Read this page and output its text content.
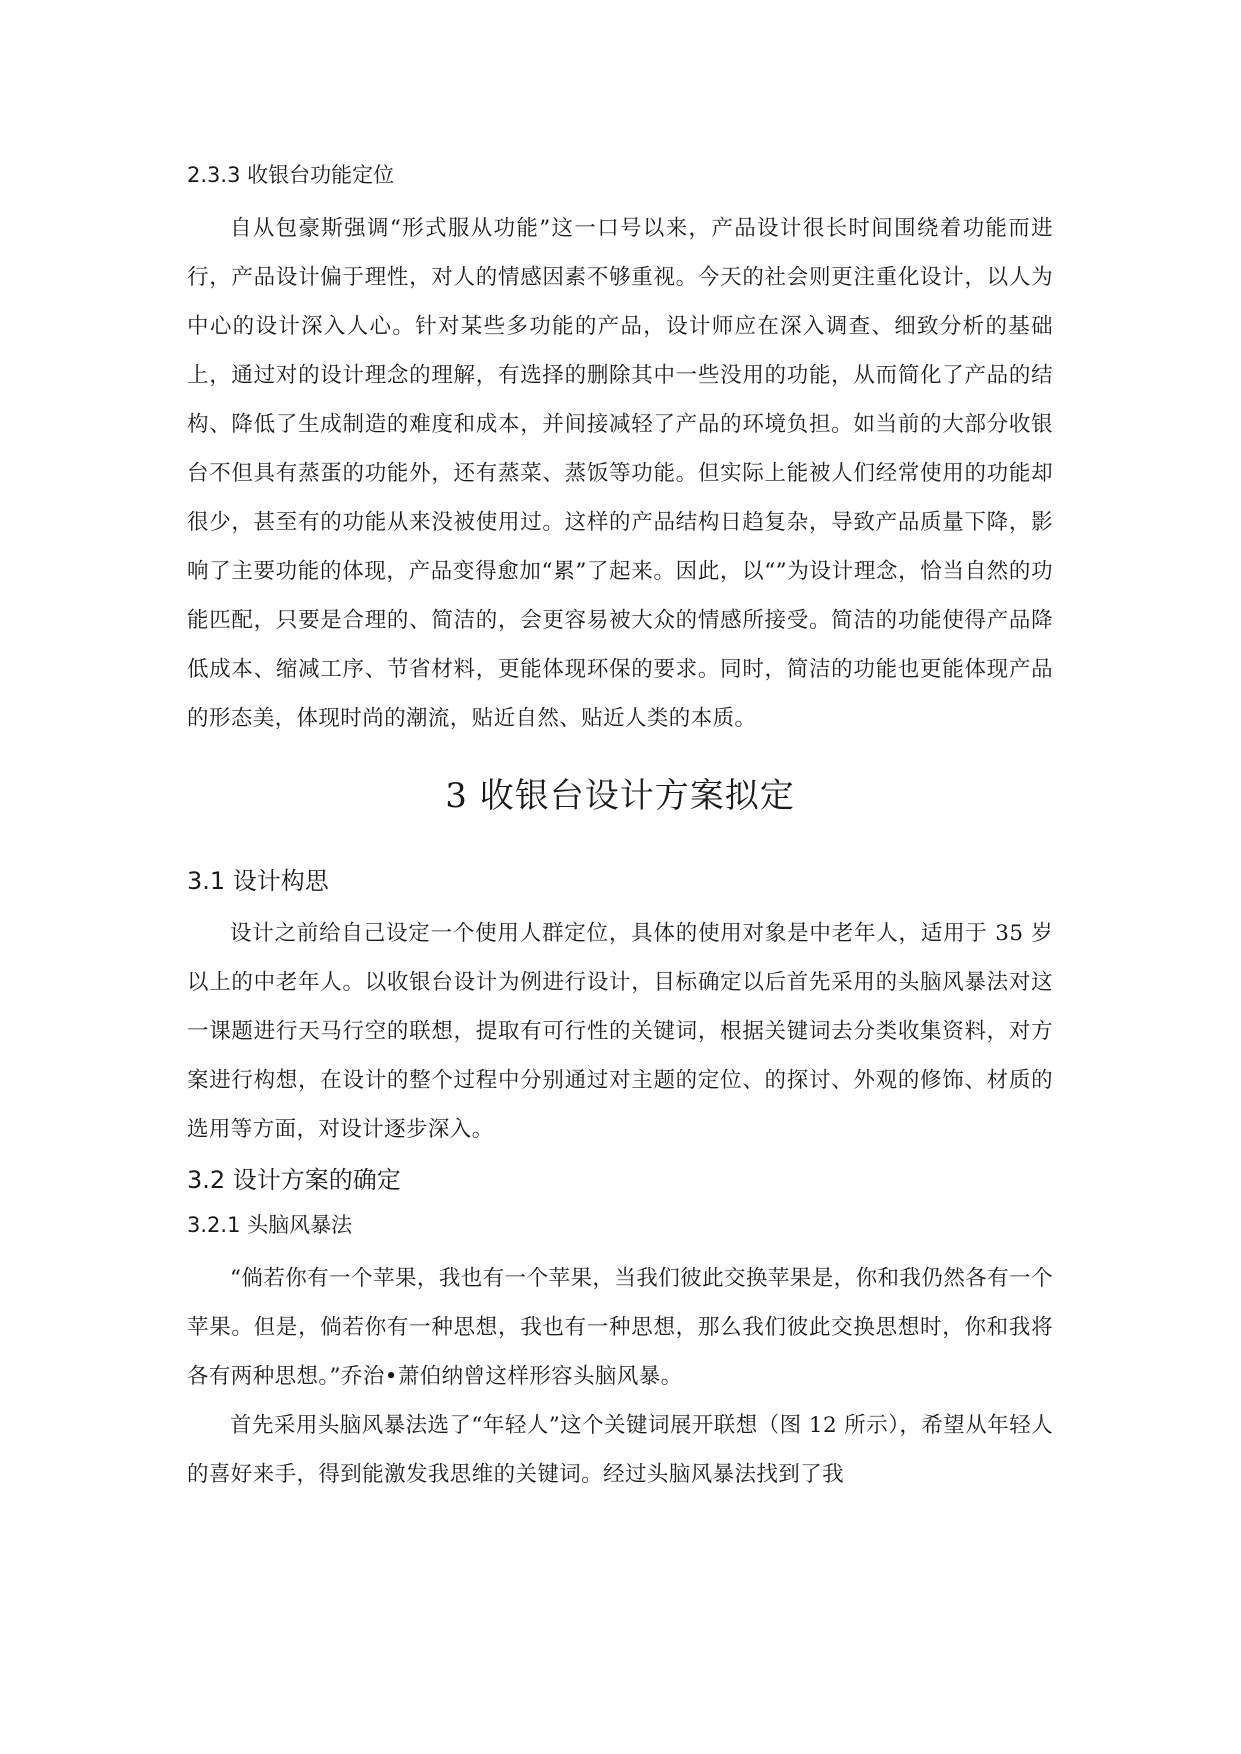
2.3.3 收银台功能定位

自从包豪斯强调“形式服从功能”这一口号以来，产品设计很长时间围绕着功能而进行，产品设计偏于理性，对人的情感因素不够重视。今天的社会则更注重化设计，以人为中心的设计深入人心。针对某些多功能的产品，设计师应在深入调查、细致分析的基础上，通过对的设计理念的理解，有选择的删除其中一些没用的功能，从而简化了产品的结构、降低了生成制造的难度和成本，并间接减轻了产品的环境负担。如当前的大部分收银台不但具有蒸蛋的功能外，还有蒸菜、蒸饭等功能。但实际上能被人们经常使用的功能却很少，甚至有的功能从来没被使用过。这样的产品结构日趋复杂，导致产品质量下降，影响了主要功能的体现，产品变得愈加“累”了起来。因此，以“”为设计理念，恰当自然的功能匹配，只要是合理的、简洁的，会更容易被大众的情感所接受。简洁的功能使得产品降低成本、缩减工序、节省材料，更能体现环保的要求。同时，简洁的功能也更能体现产品的形态美，体现时尚的潮流，贴近自然、贴近人类的本质。

3 收银台设计方案拟定
3.1 设计构思

设计之前给自己设定一个使用人群定位，具体的使用对象是中老年人，适用于 35 岁以上的中老年人。以收银台设计为例进行设计，目标确定以后首先采用的头脑风暴法对这一课题进行天马行空的联想，提取有可行性的关键词，根据关键词去分类收集资料，对方案进行构想，在设计的整个过程中分别通过对主题的定位、的探讨、外观的修饰、材质的选用等方面，对设计逐步深入。

3.2 设计方案的确定
3.2.1 头脑风暴法

“倘若你有一个苹果，我也有一个苹果，当我们彼此交换苹果是，你和我仍然各有一个苹果。但是，倘若你有一种思想，我也有一种思想，那么我们彼此交换思想时，你和我将各有两种思想。”乔治•萧伯纳曾这样形容头脑风暴。

首先采用头脑风暴法选了“年轻人”这个关键词展开联想（图 12 所示），希望从年轻人的喜好来手，得到能激发我思维的关键词。经过头脑风暴法找到了我
